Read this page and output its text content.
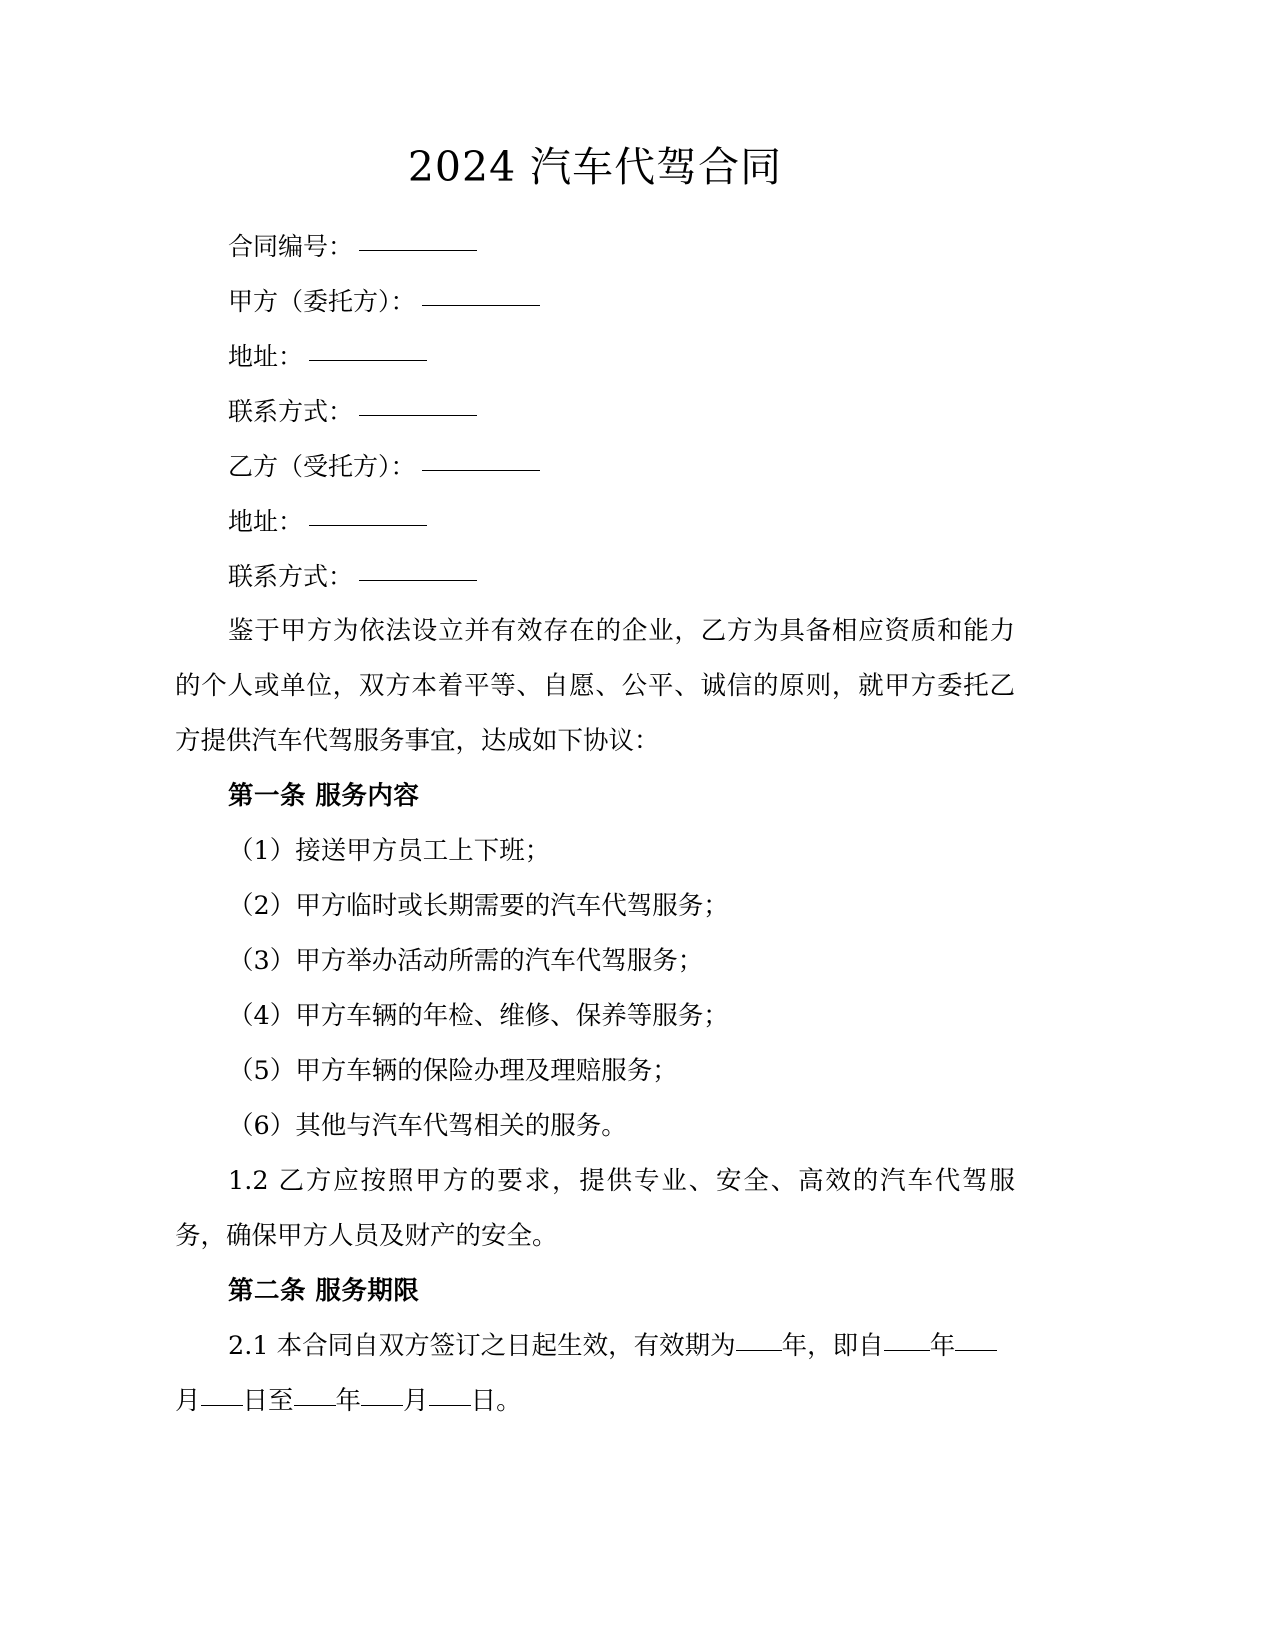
2024 汽车代驾合同
合同编号：
甲方（委托方）：
地址：
联系方式：
乙方（受托方）：
地址：
联系方式：

鉴于甲方为依法设立并有效存在的企业，乙方为具备相应资质和能力的个人或单位，双方本着平等、自愿、公平、诚信的原则，就甲方委托乙方提供汽车代驾服务事宜，达成如下协议：

第一条 服务内容

（1）接送甲方员工上下班；

（2）甲方临时或长期需要的汽车代驾服务；

（3）甲方举办活动所需的汽车代驾服务；

（4）甲方车辆的年检、维修、保养等服务；

（5）甲方车辆的保险办理及理赔服务；

（6）其他与汽车代驾相关的服务。

1.2 乙方应按照甲方的要求，提供专业、安全、高效的汽车代驾服务，确保甲方人员及财产的安全。

第二条 服务期限

2.1 本合同自双方签订之日起生效，有效期为 年，即自 年月 日至 年 月 日。
